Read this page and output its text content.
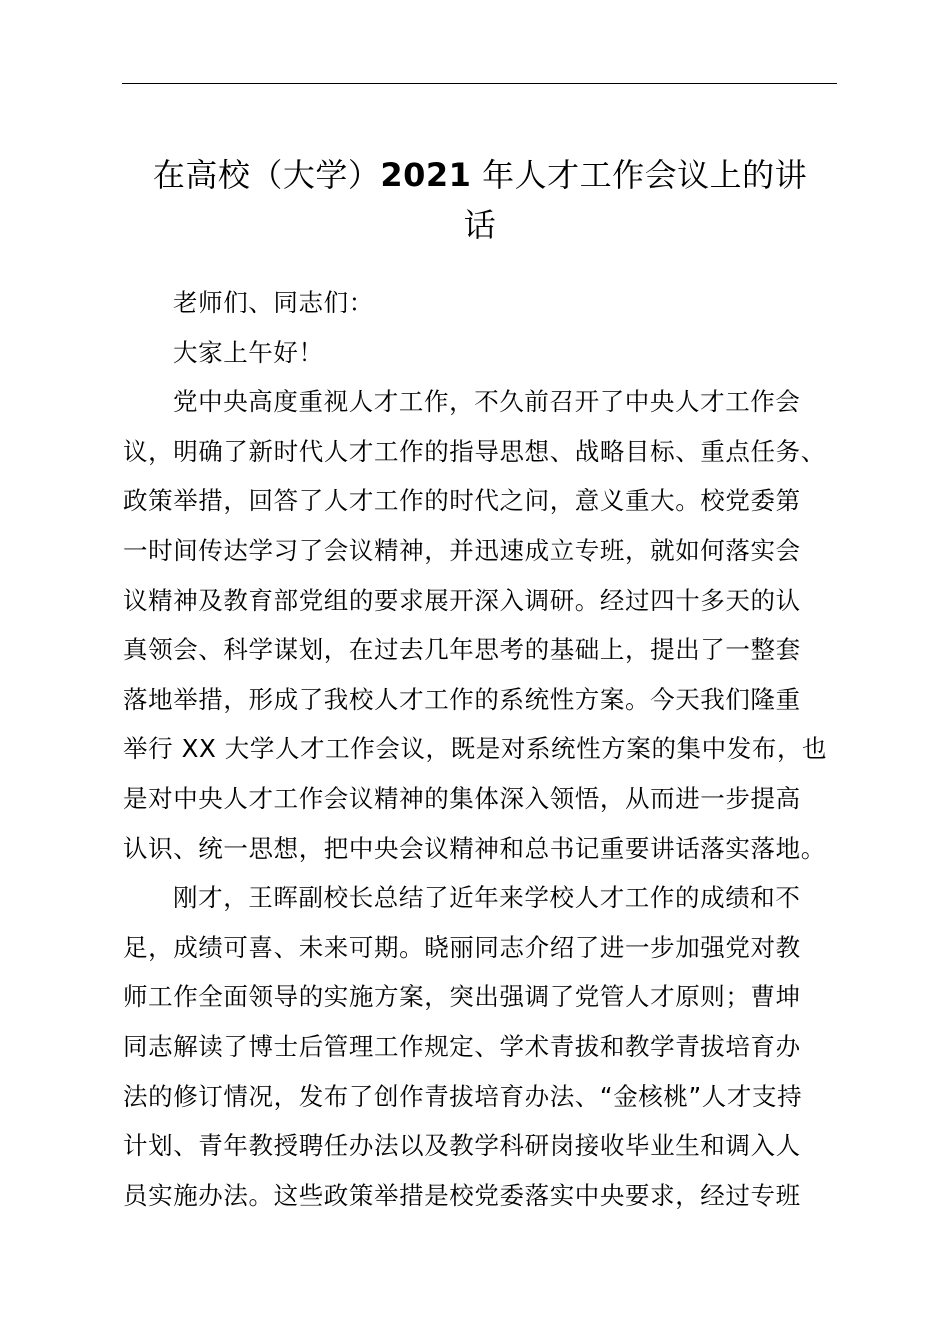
在高校（大学）2021 年人才工作会议上的讲
话
老师们、同志们：
大家上午好！
党中央高度重视人才工作，不久前召开了中央人才工作会
议，明确了新时代人才工作的指导思想、战略目标、重点任务、
政策举措，回答了人才工作的时代之问，意义重大。校党委第
一时间传达学习了会议精神，并迅速成立专班，就如何落实会
议精神及教育部党组的要求展开深入调研。经过四十多天的认
真领会、科学谋划，在过去几年思考的基础上，提出了一整套
落地举措，形成了我校人才工作的系统性方案。今天我们隆重
举行 XX 大学人才工作会议，既是对系统性方案的集中发布，也
是对中央人才工作会议精神的集体深入领悟，从而进一步提高
认识、统一思想，把中央会议精神和总书记重要讲话落实落地。
刚才，王晖副校长总结了近年来学校人才工作的成绩和不
足，成绩可喜、未来可期。晓丽同志介绍了进一步加强党对教
师工作全面领导的实施方案，突出强调了党管人才原则；曹坤
同志解读了博士后管理工作规定、学术青拔和教学青拔培育办
法的修订情况，发布了创作青拔培育办法、“金核桃”人才支持
计划、青年教授聘任办法以及教学科研岗接收毕业生和调入人
员实施办法。这些政策举措是校党委落实中央要求，经过专班
